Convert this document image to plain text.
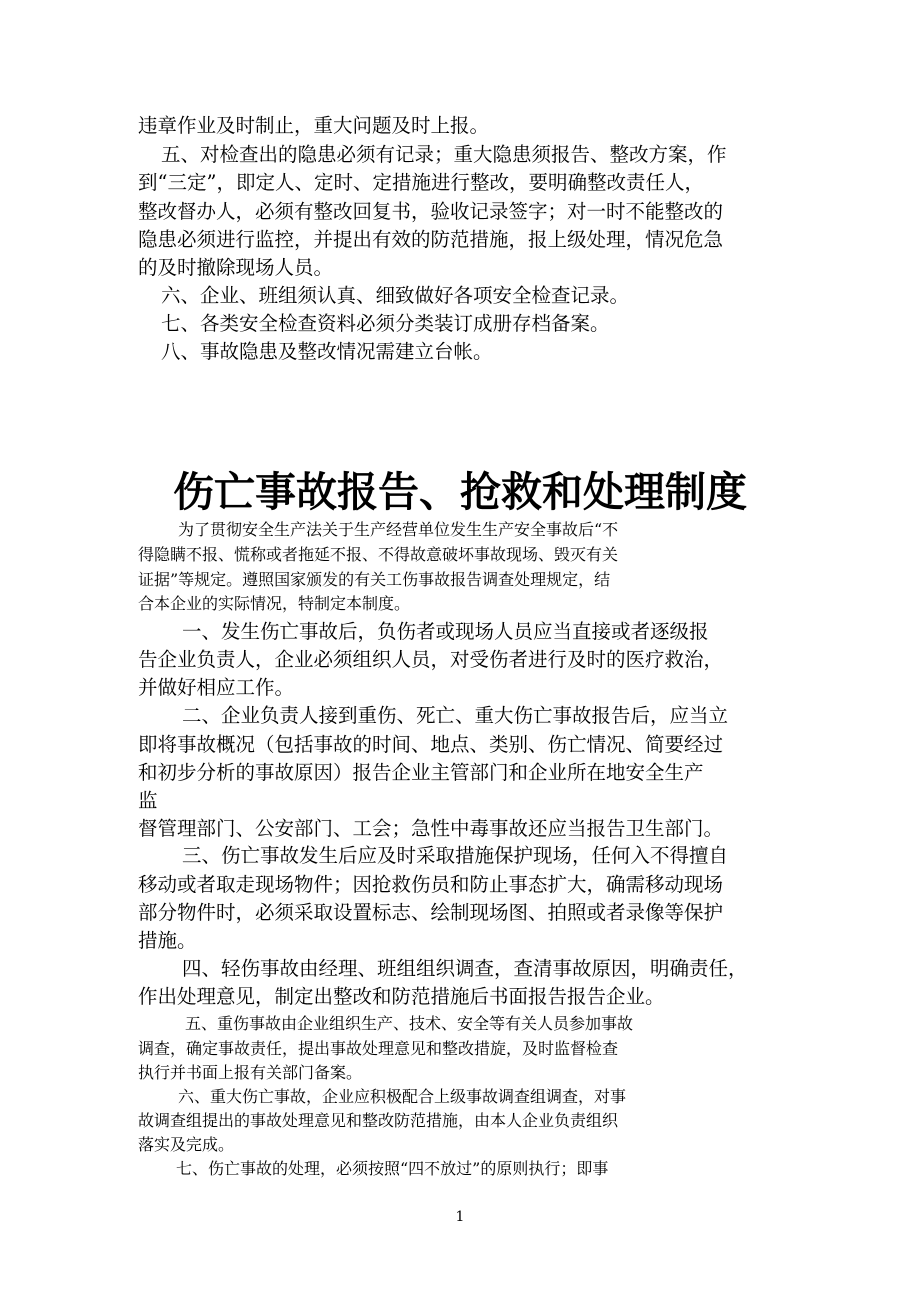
违章作业及时制止，重大问题及时上报。
五、对检查出的隐患必须有记录；重大隐患须报告、整改方案，作
到“三定”，即定人、定时、定措施进行整改，要明确整改责任人，
整改督办人，必须有整改回复书，验收记录签字；对一时不能整改的
隐患必须进行监控，并提出有效的防范措施，报上级处理，情况危急
的及时撤除现场人员。
六、企业、班组须认真、细致做好各项安全检查记录。
七、各类安全检查资料必须分类装订成册存档备案。
八、事故隐患及整改情况需建立台帐。
伤亡事故报告、抢救和处理制度
为了贯彻安全生产法关于生产经营单位发生生产安全事故后“不
得隐瞒不报、慌称或者拖延不报、不得故意破坏事故现场、毁灭有关
证据”等规定。遵照国家颁发的有关工伤事故报告调查处理规定，结
合本企业的实际情况，特制定本制度。
一、发生伤亡事故后，负伤者或现场人员应当直接或者逐级报
告企业负责人，企业必须组织人员，对受伤者进行及时的医疗救治，
并做好相应工作。
二、企业负责人接到重伤、死亡、重大伤亡事故报告后，应当立
即将事故概况（包括事故的时间、地点、类别、伤亡情况、简要经过
和初步分析的事故原因）报告企业主管部门和企业所在地安全生产
监
督管理部门、公安部门、工会；急性中毒事故还应当报告卫生部门。
三、伤亡事故发生后应及时采取措施保护现场，任何入不得擅自
移动或者取走现场物件；因抢救伤员和防止事态扩大，确需移动现场
部分物件时，必须采取设置标志、绘制现场图、拍照或者录像等保护
措施。
四、轻伤事故由经理、班组组织调查，查清事故原因，明确责任，
作出处理意见，制定出整改和防范措施后书面报告报告企业。
五、重伤事故由企业组织生产、技术、安全等有关人员参加事故
调查，确定事故责任，提出事故处理意见和整改措旋，及时监督检查
执行并书面上报有关部门备案。
六、重大伤亡事故，企业应积极配合上级事故调查组调查，对事
故调查组提出的事故处理意见和整改防范措施，由本人企业负责组织
落实及完成。
七、伤亡事故的处理，必须按照“四不放过”的原则执行；即事
1
